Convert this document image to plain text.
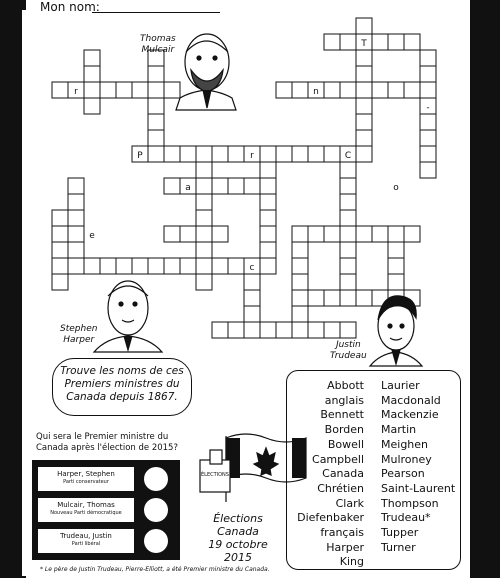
Mon nom:
T
r	n
-
P	r	C
a	o
e
c
ÉLECTIONS
Thomas
Mulcair
Stephen
Harper	Justin
Trudeau
Trouve les noms de ces Premiers ministres du Canada depuis 1867.
Abbott
anglais
Bennett
Borden
Bowell
Campbell
Canada
Chrétien
Clark
Diefenbaker
français
Harper
King
Laurier
Macdonald
Mackenzie
Martin
Meighen
Mulroney
Pearson
Saint-Laurent
Thompson
Trudeau*
Tupper
Turner
Qui sera le Premier ministre du Canada après l'élection de 2015?
Harper, Stephen
Parti conservateur
Mulcair, Thomas
Nouveau Parti démocratique
Trudeau, Justin
Parti libéral
Élections
Canada
19 octobre 2015
* Le père de Justin Trudeau, Pierre-Elliott, a été Premier ministre du Canada.
